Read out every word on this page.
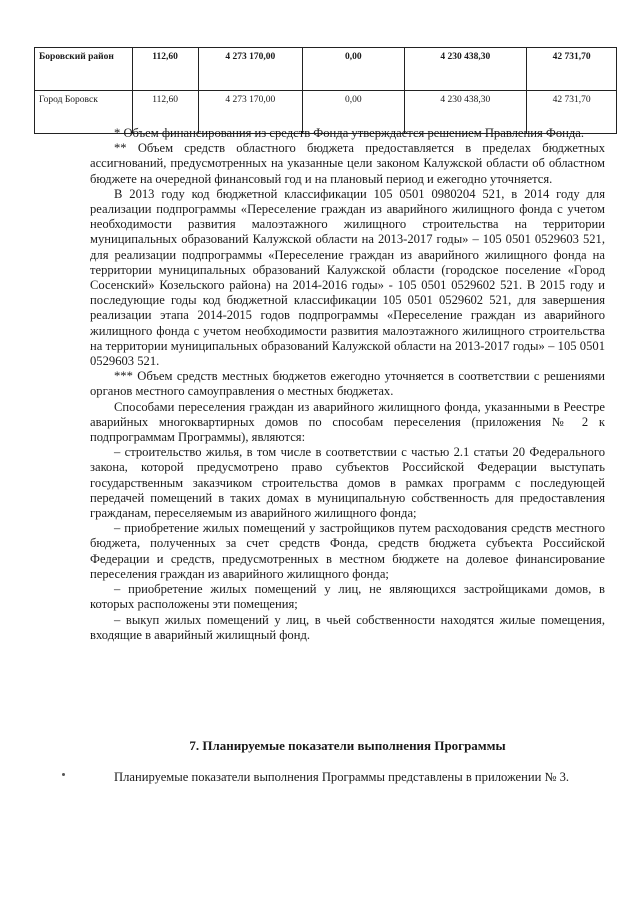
Боровский район	112,60	4 273 170,00	0,00	4 230 438,30	42 731,70
Город Боровск	112,60	4 273 170,00	0,00	4 230 438,30	42 731,70

* Объем финансирования из средств Фонда утверждается решением Правления Фонда.

** Объем средств областного бюджета предоставляется в пределах бюджетных ассигнований, предусмотренных на указанные цели законом Калужской области об областном бюджете на очередной финансовый год и на плановый период и ежегодно уточняется.

В 2013 году код бюджетной классификации 105 0501 0980204 521, в 2014 году для реализации подпрограммы «Переселение граждан из аварийного жилищного фонда с учетом необходимости развития малоэтажного жилищного строительства на территории муниципальных образований Калужской области на 2013-2017 годы» – 105 0501 0529603 521, для реализации подпрограммы «Переселение граждан из аварийного жилищного фонда на территории муниципальных образований Калужской области (городское поселение «Город Сосенский» Козельского района) на 2014-2016 годы» - 105 0501 0529602 521. В 2015 году и последующие годы код бюджетной классификации 105 0501 0529602 521, для завершения реализации этапа 2014-2015 годов подпрограммы «Переселение граждан из аварийного жилищного фонда с учетом необходимости развития малоэтажного жилищного строительства на территории муниципальных образований Калужской области на 2013-2017 годы» – 105 0501 0529603 521.

*** Объем средств местных бюджетов ежегодно уточняется в соответствии с решениями органов местного самоуправления о местных бюджетах.

Способами переселения граждан из аварийного жилищного фонда, указанными в Реестре аварийных многоквартирных домов по способам переселения (приложения № 2 к подпрограммам Программы), являются:

– строительство жилья, в том числе в соответствии с частью 2.1 статьи 20 Федерального закона, которой предусмотрено право субъектов Российской Федерации выступать государственным заказчиком строительства домов в рамках программ с последующей передачей помещений в таких домах в муниципальную собственность для предоставления гражданам, переселяемым из аварийного жилищного фонда;

– приобретение жилых помещений у застройщиков путем расходования средств местного бюджета, полученных за счет средств Фонда, средств бюджета субъекта Российской Федерации и средств, предусмотренных в местном бюджете на долевое финансирование переселения граждан из аварийного жилищного фонда;

– приобретение жилых помещений у лиц, не являющихся застройщиками домов, в которых расположены эти помещения;

– выкуп жилых помещений у лиц, в чьей собственности находятся жилые помещения, входящие в аварийный жилищный фонд.

7. Планируемые показатели выполнения Программы
Планируемые показатели выполнения Программы представлены в приложении № 3.
